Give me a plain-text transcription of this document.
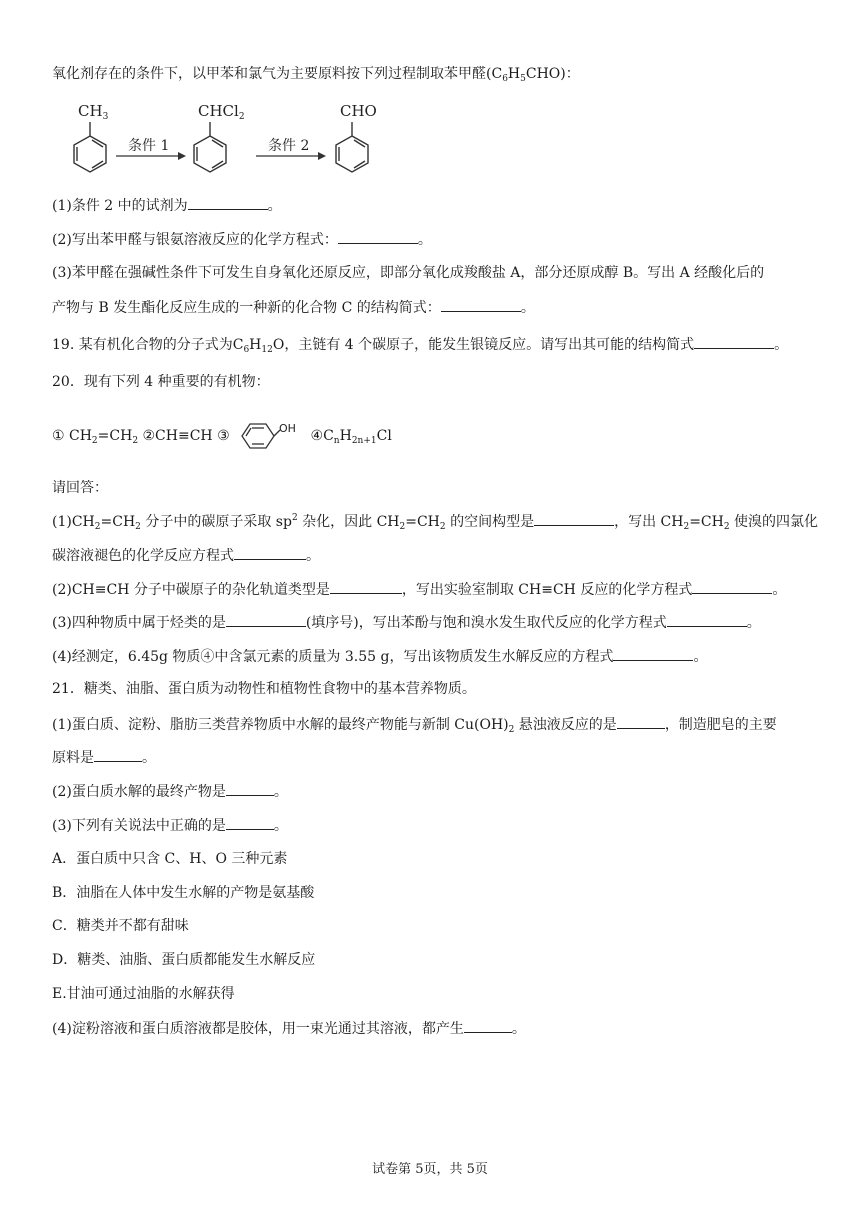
氧化剂存在的条件下，以甲苯和氯气为主要原料按下列过程制取苯甲醛$(C_6H_5CHO)$：
$CH_3$
条件 1
CHCl$_2$
条件 2
CHO
(1)条件 2 中的试剂为	。
(2)写出苯甲醛与银氨溶液反应的化学方程式：	。
(3)苯甲醛在强碱性条件下可发生自身氧化还原反应，即部分氧化成羧酸盐 A，部分还原成醇 B。写出 A 经酸化后的
产物与 B 发生酯化反应生成的一种新的化合物 C 的结构简式：	。
19. 某有机化合物的分子式为$C_6H_{12}O$，主链有 4 个碳原子，能发生银镜反应。请写出其可能的结构简式	。
20．现有下列 4 种重要的有机物：
① $CH_2=CH_2$ ②CH≡CH ③	OH $④C_nH_{2n+1}Cl$
请回答：
$(1)CH_2=CH_2$ 分子中的碳原子采取 $sp^2$ 杂化，因此 $CH_2=CH_2$ 的空间构型是	，写出 $CH_2=CH_2$ 使溴的四氯化
碳溶液褪色的化学反应方程式	。
(2)CH≡CH 分子中碳原子的杂化轨道类型是	，写出实验室制取 CH≡CH 反应的化学方程式	。
(3)四种物质中属于烃类的是	(填序号)，写出苯酚与饱和溴水发生取代反应的化学方程式	。
(4)经测定，6.45g 物质④中含氯元素的质量为 3.55 g，写出该物质发生水解反应的方程式	。
21．糖类、油脂、蛋白质为动物性和植物性食物中的基本营养物质。
(1)蛋白质、淀粉、脂肪三类营养物质中水解的最终产物能与新制 $Cu(OH)_2$ 悬浊液反应的是	，制造肥皂的主要
原料是	。
(2)蛋白质水解的最终产物是	。
(3)下列有关说法中正确的是	。
A．蛋白质中只含 C、H、O 三种元素
B．油脂在人体中发生水解的产物是氨基酸
C．糖类并不都有甜味
D．糖类、油脂、蛋白质都能发生水解反应
E.甘油可通过油脂的水解获得
(4)淀粉溶液和蛋白质溶液都是胶体，用一束光通过其溶液，都产生	。
试卷第 5页，共 5页
